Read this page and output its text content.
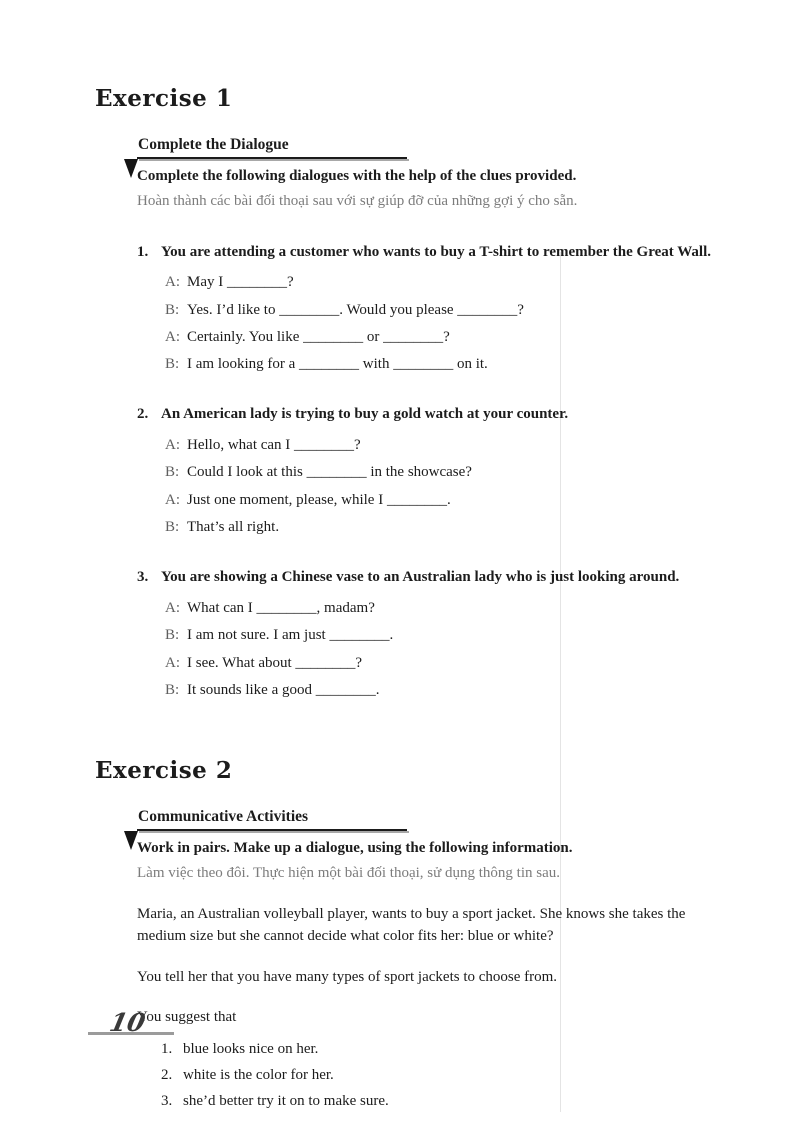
Exercise 1
Complete the Dialogue

Complete the following dialogues with the help of the clues provided.

Hoàn thành các bài đối thoại sau với sự giúp đỡ của những gợi ý cho sẵn.

1. You are attending a customer who wants to buy a T-shirt to remember the Great Wall.
A: May I ________?
B: Yes. I’d like to ________. Would you please ________?
A: Certainly. You like ________ or ________?
B: I am looking for a ________ with ________ on it.
2. An American lady is trying to buy a gold watch at your counter.
A: Hello, what can I ________?
B: Could I look at this ________ in the showcase?
A: Just one moment, please, while I ________.
B: That’s all right.
3. You are showing a Chinese vase to an Australian lady who is just looking around.
A: What can I ________, madam?
B: I am not sure. I am just ________.
A: I see. What about ________?
B: It sounds like a good ________.
Exercise 2
Communicative Activities

Work in pairs. Make up a dialogue, using the following information.

Làm việc theo đôi. Thực hiện một bài đối thoại, sử dụng thông tin sau.

Maria, an Australian volleyball player, wants to buy a sport jacket. She knows she takes the medium size but she cannot decide what color fits her: blue or white?

You tell her that you have many types of sport jackets to choose from.

You suggest that

1. blue looks nice on her.
2. white is the color for her.
3. she’d better try it on to make sure.
10
